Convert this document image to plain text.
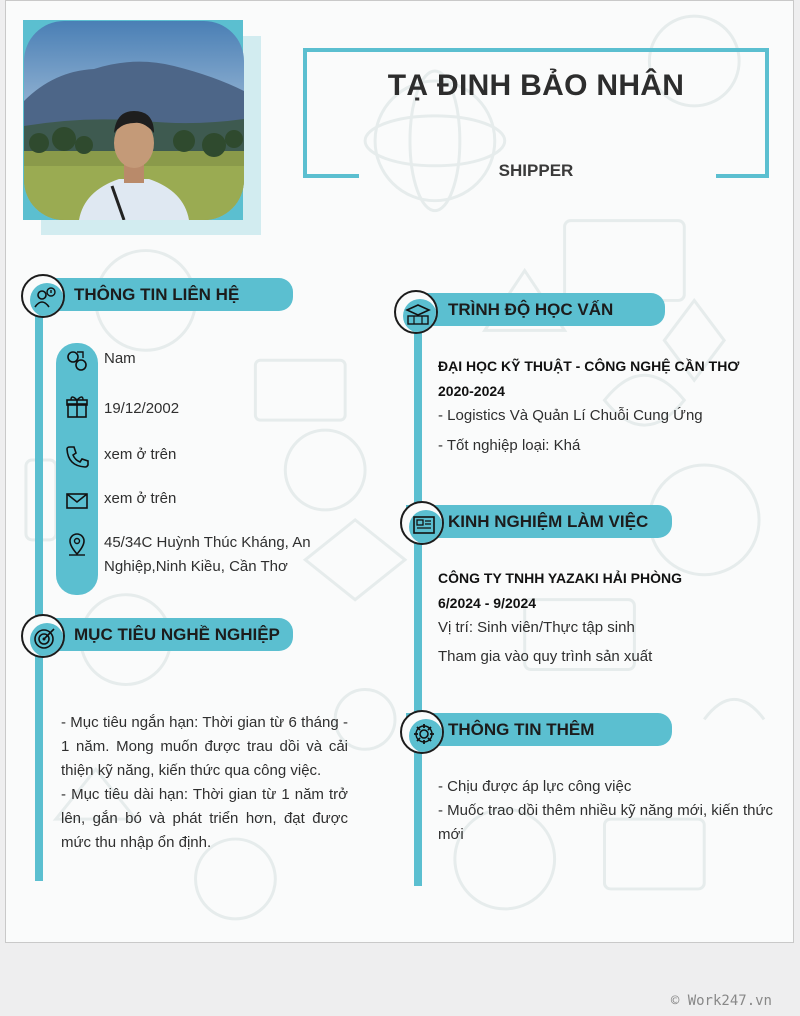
TẠ ĐINH BẢO NHÂN
SHIPPER
THÔNG TIN LIÊN HỆ
Nam
19/12/2002
xem ở trên
xem ở trên
45/34C Huỳnh Thúc Kháng, An Nghiệp,Ninh Kiều, Cần Thơ
MỤC TIÊU NGHỀ NGHIỆP
- Mục tiêu ngắn hạn: Thời gian từ 6 tháng - 1 năm. Mong muốn được trau dồi và cải thiện kỹ năng, kiến thức qua công việc.
- Mục tiêu dài hạn: Thời gian từ 1 năm trở lên, gắn bó và phát triển hơn, đạt được mức thu nhập ổn định.
TRÌNH ĐỘ HỌC VẤN
ĐẠI HỌC KỸ THUẬT - CÔNG NGHỆ CẦN THƠ
2020-2024
- Logistics Và Quản Lí Chuỗi Cung Ứng
- Tốt nghiệp loại: Khá
KINH NGHIỆM LÀM VIỆC
CÔNG TY TNHH YAZAKI HẢI PHÒNG
6/2024 - 9/2024
Vị trí: Sinh viên/Thực tập sinh
Tham gia vào quy trình sản xuất
THÔNG TIN THÊM
- Chịu được áp lực công việc
- Muốc trao dồi thêm nhiều kỹ năng mới, kiến thức mới
© Work247.vn
